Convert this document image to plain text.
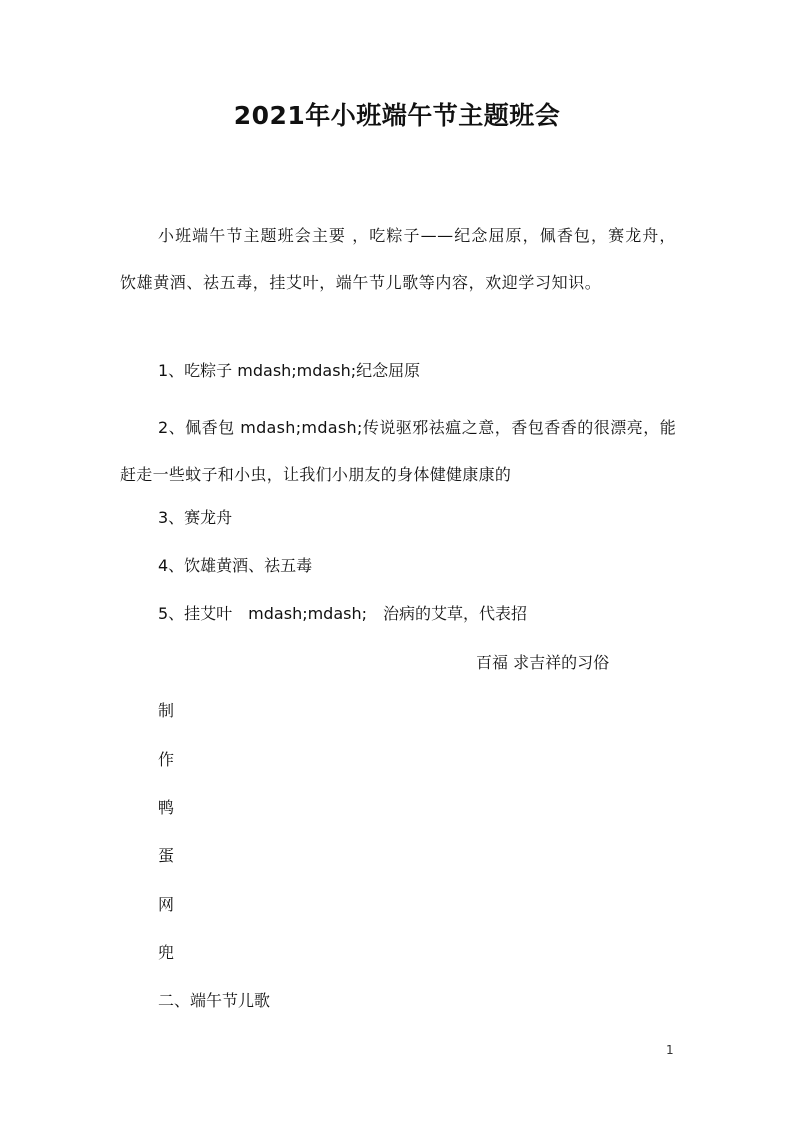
2021年小班端午节主题班会
小班端午节主题班会主要 ，吃粽子——纪念屈原，佩香包，赛龙舟，饮雄黄酒、祛五毒，挂艾叶，端午节儿歌等内容，欢迎学习知识。
1、吃粽子 mdash;mdash;纪念屈原
2、佩香包 mdash;mdash;传说驱邪祛瘟之意，香包香香的很漂亮，能赶走一些蚊子和小虫，让我们小朋友的身体健健康康的
3、赛龙舟
4、饮雄黄酒、祛五毒
5、挂艾叶　mdash;mdash;　治病的艾草，代表招
百福 求吉祥的习俗
制
作
鸭
蛋
网
兜
二、端午节儿歌
1
